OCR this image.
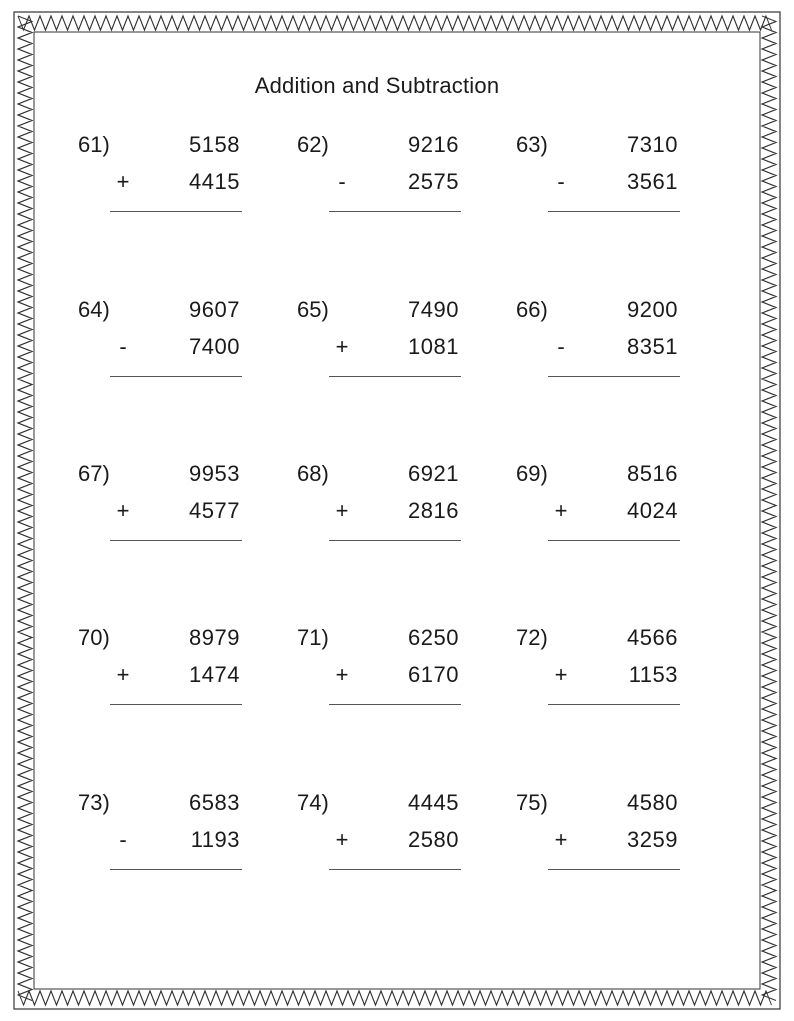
Addition and Subtraction
61)	5158
+	4415
62)	9216
-	2575
63)	7310
-	3561
64)	9607
-	7400
65)	7490
+	1081
66)	9200
-	8351
67)	9953
+	4577
68)	6921
+	2816
69)	8516
+	4024
70)	8979
+	1474
71)	6250
+	6170
72)	4566
+	1153
73)	6583
-	1193
74)	4445
+	2580
75)	4580
+	3259
